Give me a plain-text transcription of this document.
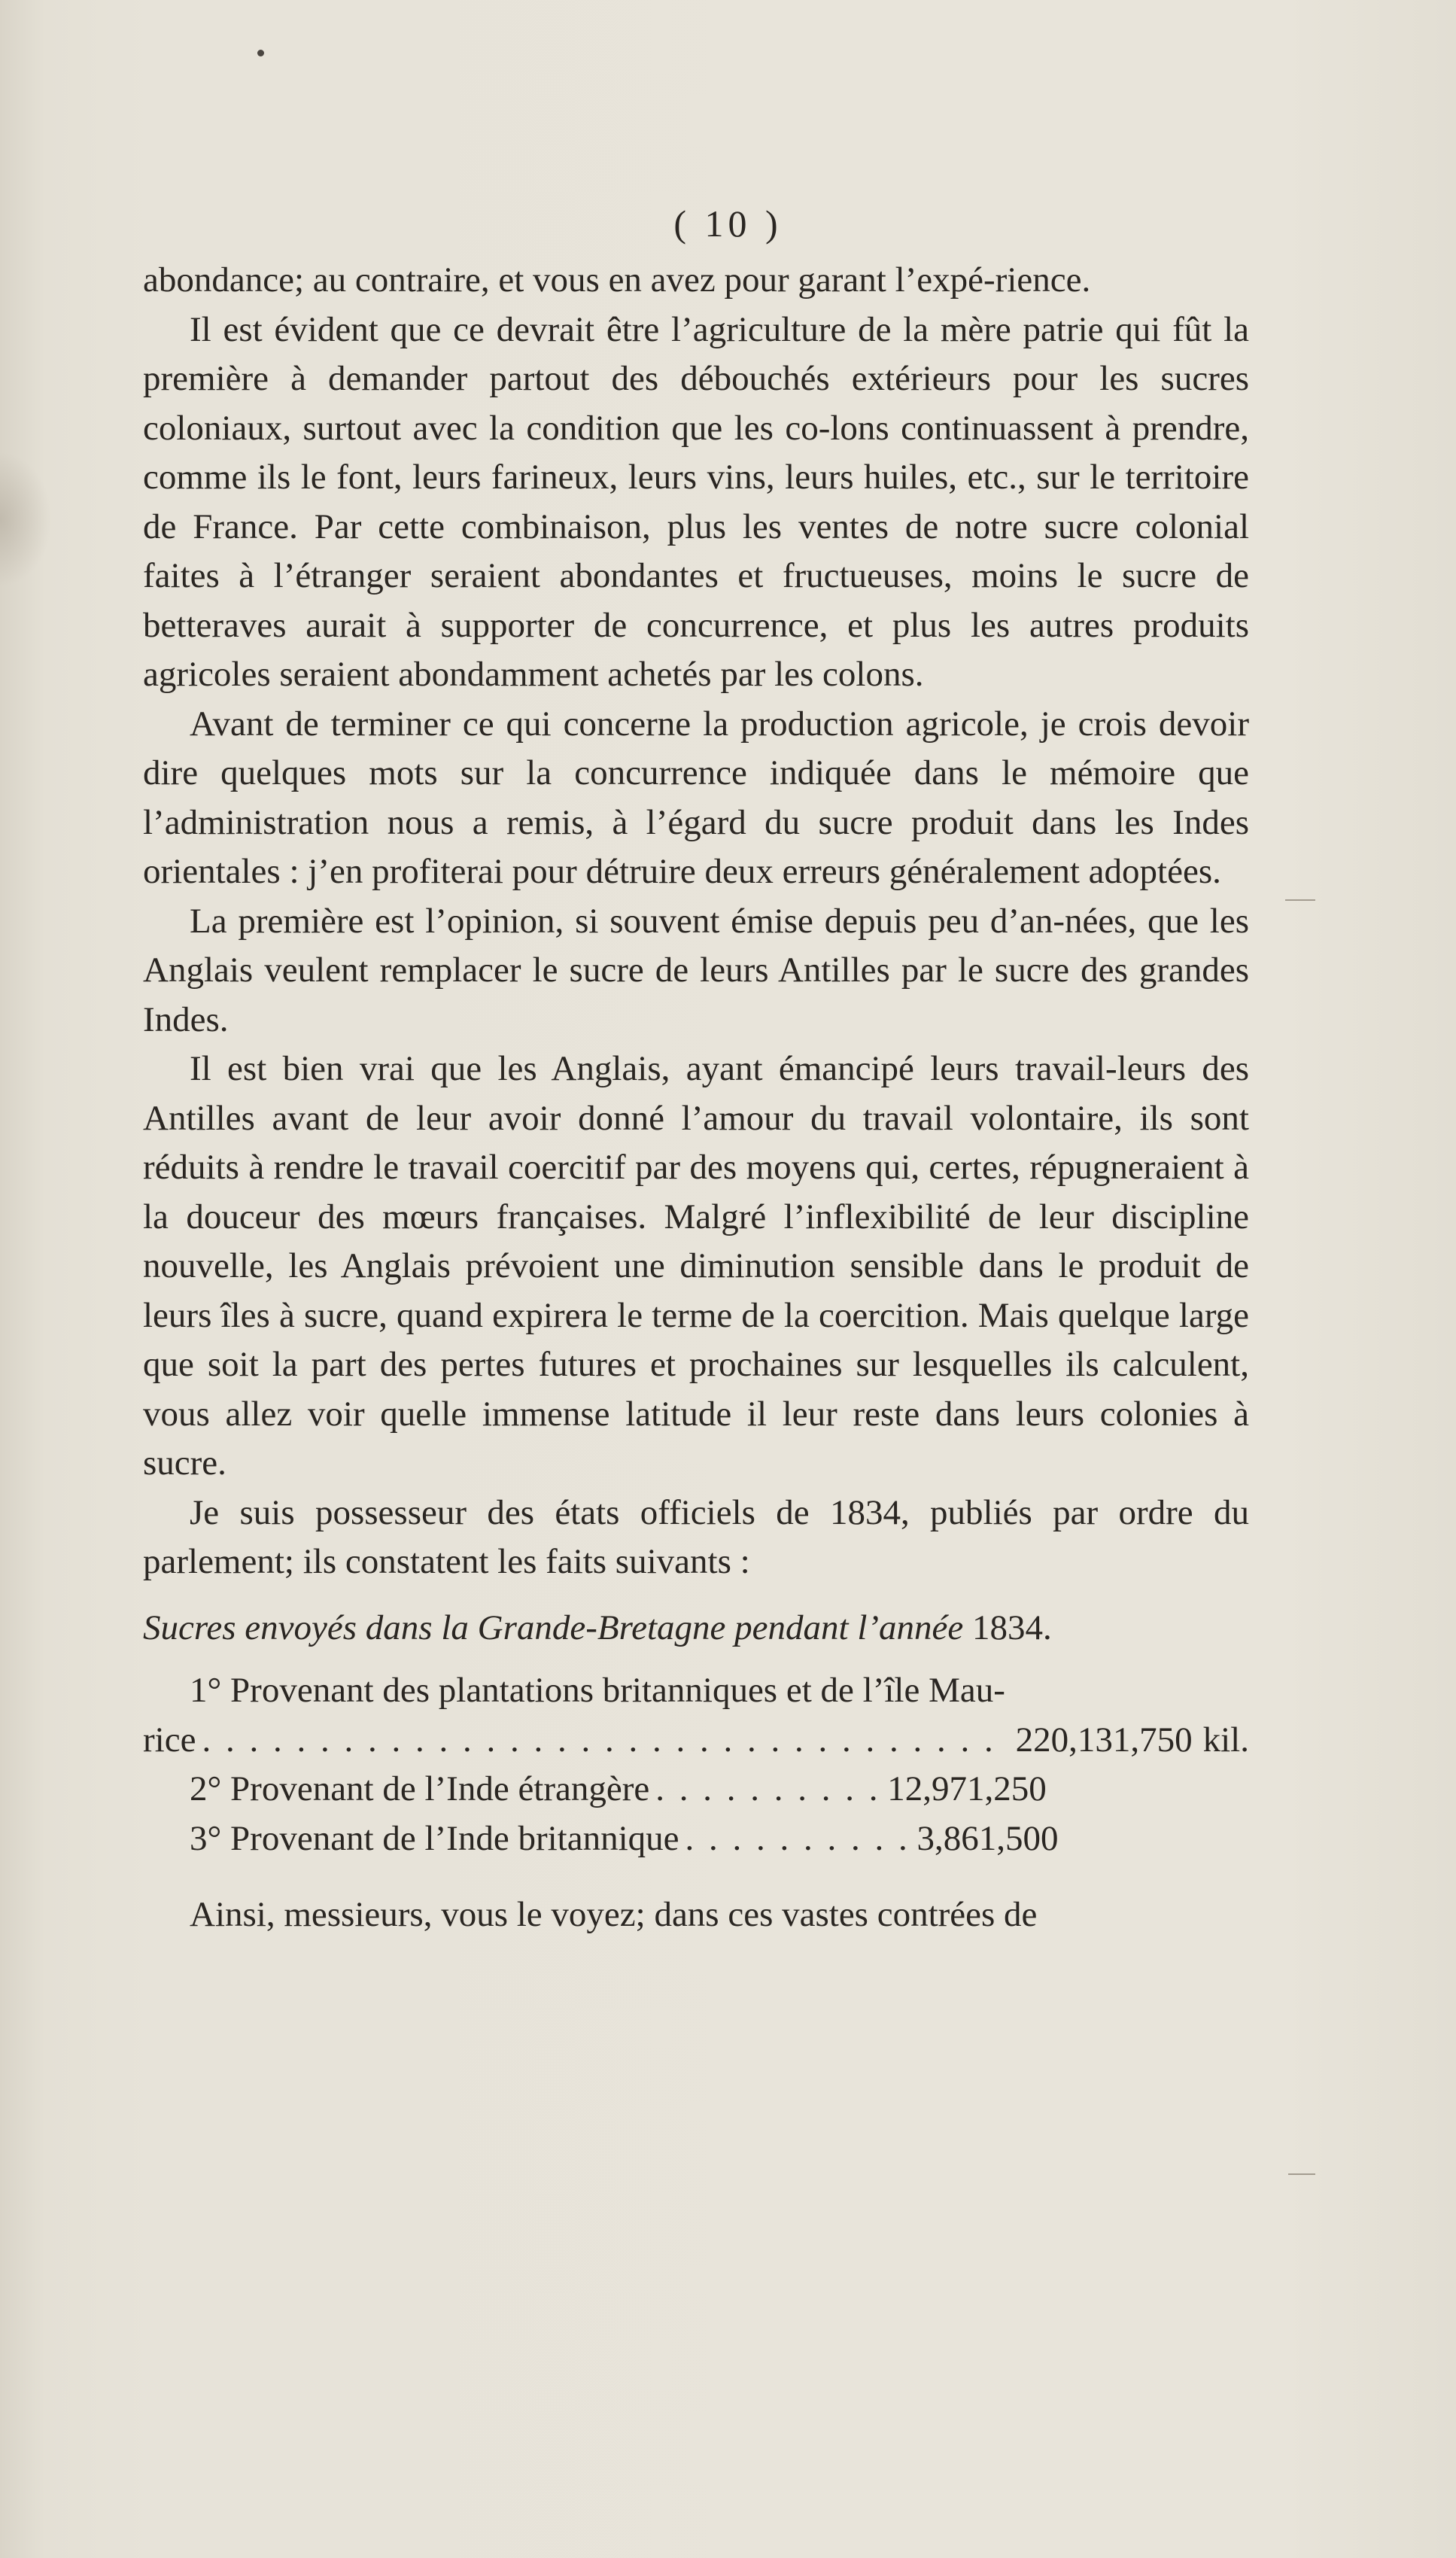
( 10 )

abondance; au contraire, et vous en avez pour garant l’expé-rience.

Il est évident que ce devrait être l’agriculture de la mère patrie qui fût la première à demander partout des débouchés extérieurs pour les sucres coloniaux, surtout avec la condition que les co-lons continuassent à prendre, comme ils le font, leurs farineux, leurs vins, leurs huiles, etc., sur le territoire de France. Par cette combinaison, plus les ventes de notre sucre colonial faites à l’étranger seraient abondantes et fructueuses, moins le sucre de betteraves aurait à supporter de concurrence, et plus les autres produits agricoles seraient abondamment achetés par les colons.

Avant de terminer ce qui concerne la production agricole, je crois devoir dire quelques mots sur la concurrence indiquée dans le mémoire que l’administration nous a remis, à l’égard du sucre produit dans les Indes orientales : j’en profiterai pour détruire deux erreurs généralement adoptées.

La première est l’opinion, si souvent émise depuis peu d’an-nées, que les Anglais veulent remplacer le sucre de leurs Antilles par le sucre des grandes Indes.

Il est bien vrai que les Anglais, ayant émancipé leurs travail-leurs des Antilles avant de leur avoir donné l’amour du travail volontaire, ils sont réduits à rendre le travail coercitif par des moyens qui, certes, répugneraient à la douceur des mœurs françaises. Malgré l’inflexibilité de leur discipline nouvelle, les Anglais prévoient une diminution sensible dans le produit de leurs îles à sucre, quand expirera le terme de la coercition. Mais quelque large que soit la part des pertes futures et prochaines sur lesquelles ils calculent, vous allez voir quelle immense latitude il leur reste dans leurs colonies à sucre.

Je suis possesseur des états officiels de 1834, publiés par ordre du parlement; ils constatent les faits suivants :

Sucres envoyés dans la Grande-Bretagne pendant l’année 1834.

1° Provenant des plantations britanniques et de l’île Mau-

rice . . .	220,131,750 kil.
2° Provenant de l’Inde étrangère . . .	12,971,250
3° Provenant de l’Inde britannique . . .	3,861,500

Ainsi, messieurs, vous le voyez; dans ces vastes contrées de
